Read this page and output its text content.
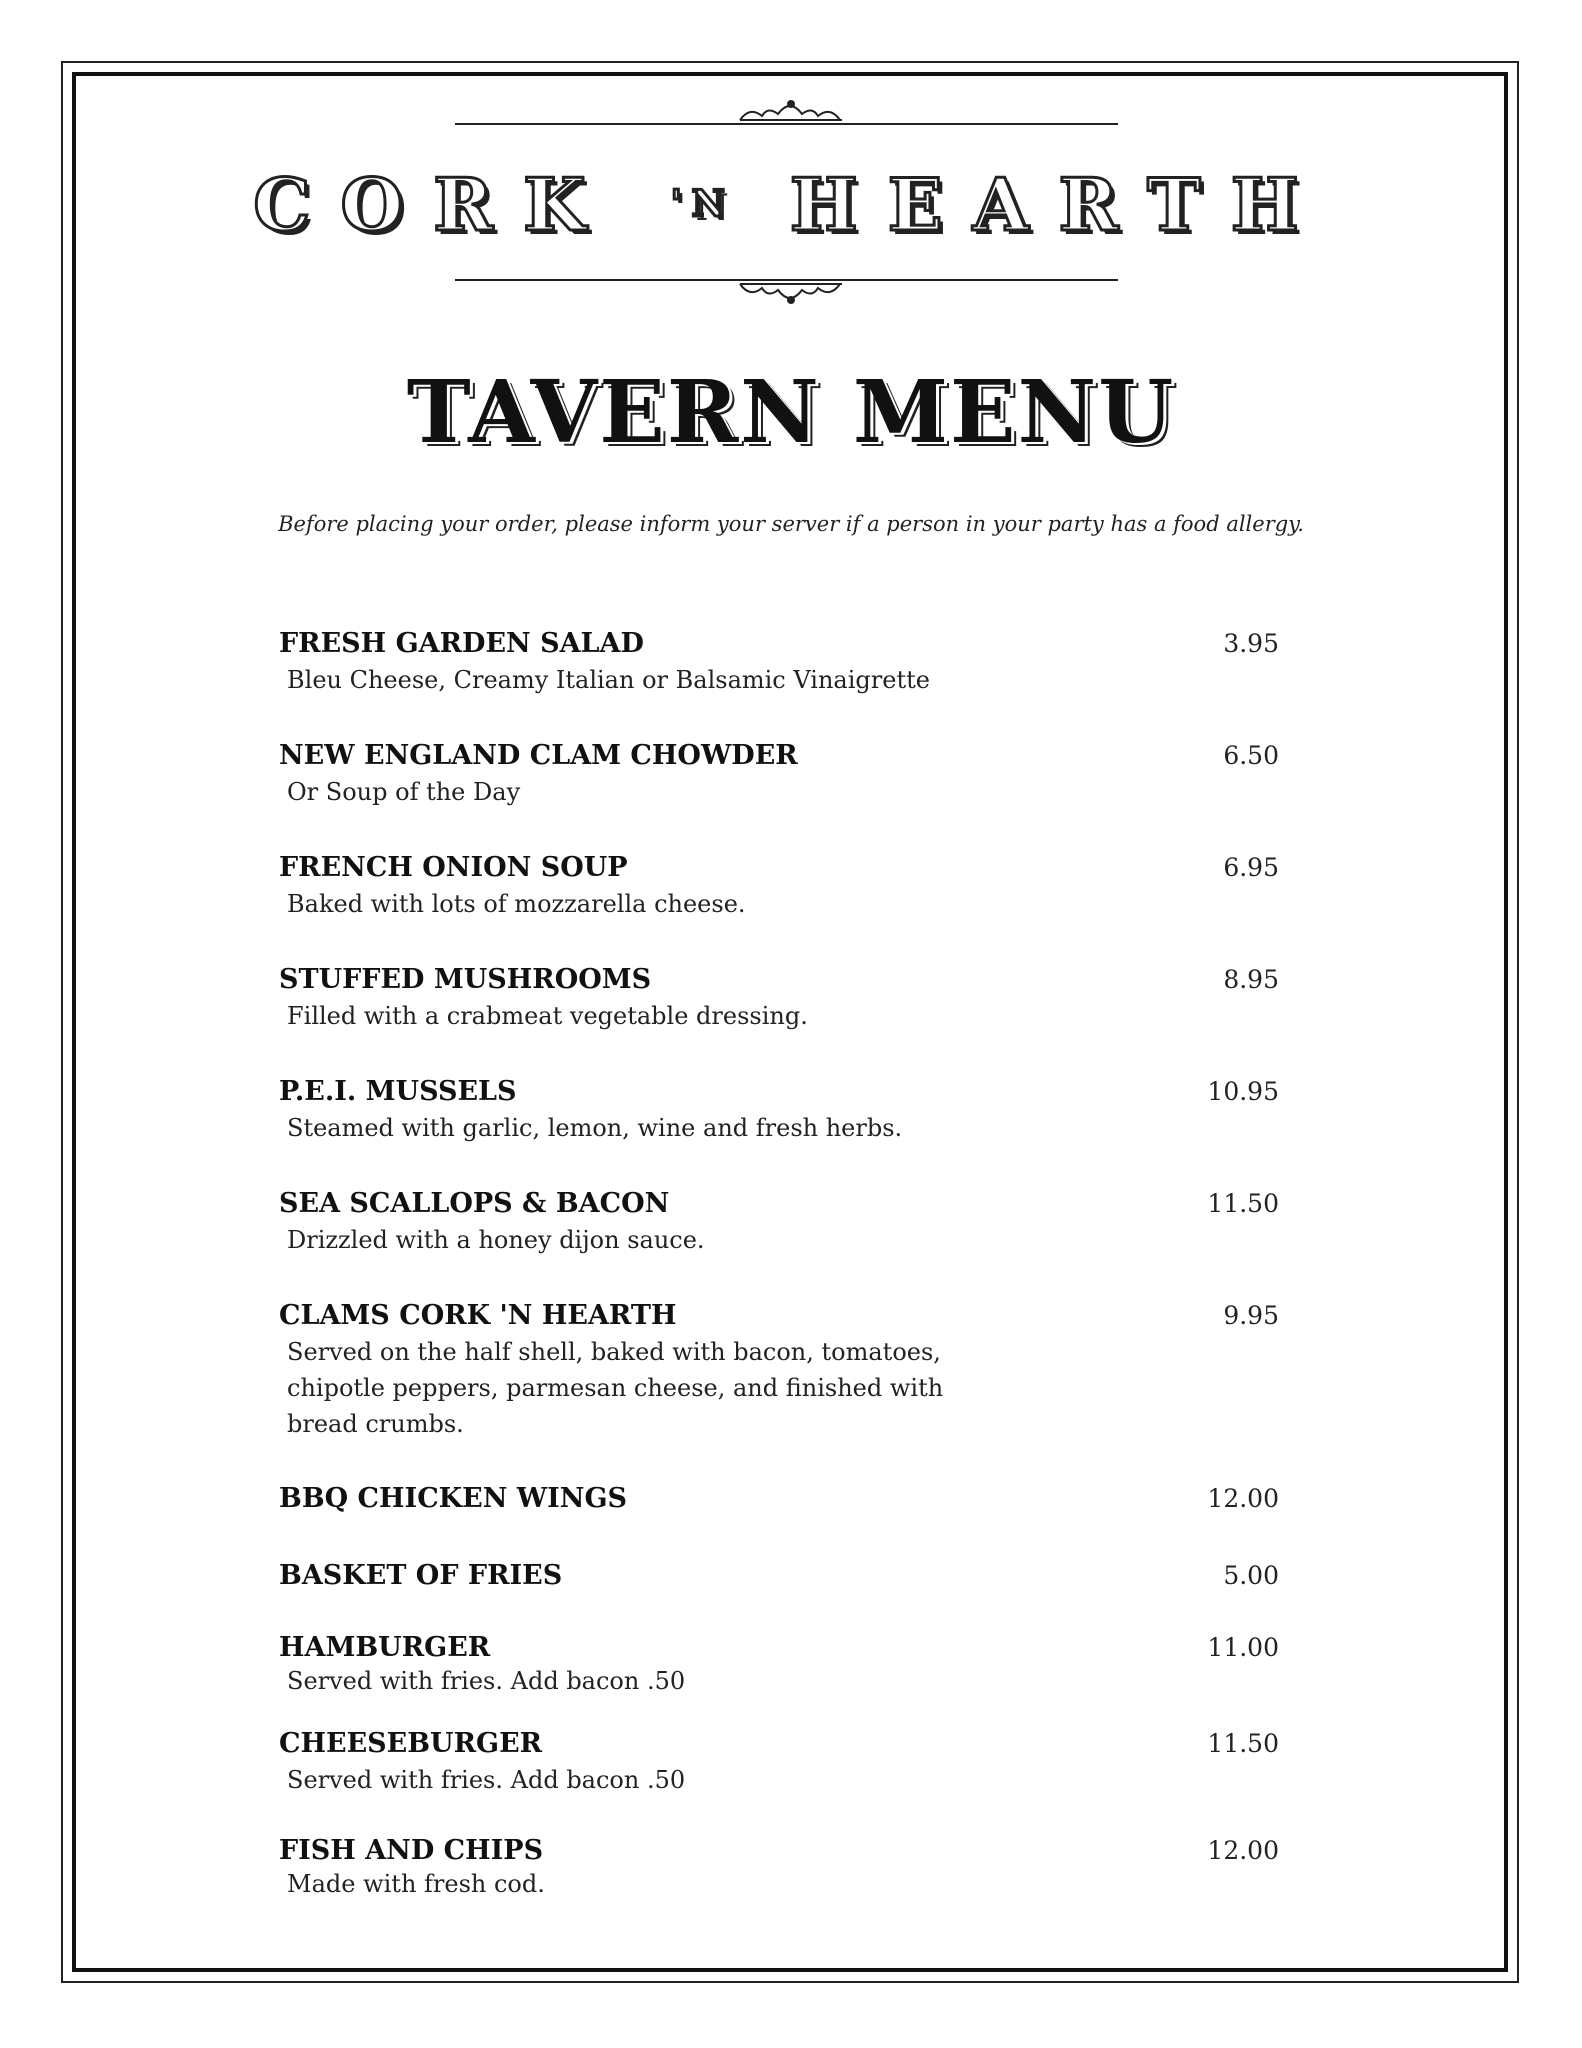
CORK 'N HEARTH
TAVERN MENU
Before placing your order, please inform your server if a person in your party has a food allergy.
FRESH GARDEN SALAD	3.95
Bleu Cheese, Creamy Italian or Balsamic Vinaigrette
NEW ENGLAND CLAM CHOWDER	6.50
Or Soup of the Day
FRENCH ONION SOUP	6.95
Baked with lots of mozzarella cheese.
STUFFED MUSHROOMS	8.95
Filled with a crabmeat vegetable dressing.
P.E.I. MUSSELS	10.95
Steamed with garlic, lemon, wine and fresh herbs.
SEA SCALLOPS & BACON	11.50
Drizzled with a honey dijon sauce.
CLAMS CORK 'N HEARTH	9.95
Served on the half shell, baked with bacon, tomatoes,
chipotle peppers, parmesan cheese, and finished with
bread crumbs.
BBQ CHICKEN WINGS	12.00
BASKET OF FRIES	5.00
HAMBURGER	11.00
Served with fries. Add bacon .50
CHEESEBURGER	11.50
Served with fries. Add bacon .50
FISH AND CHIPS	12.00
Made with fresh cod.
